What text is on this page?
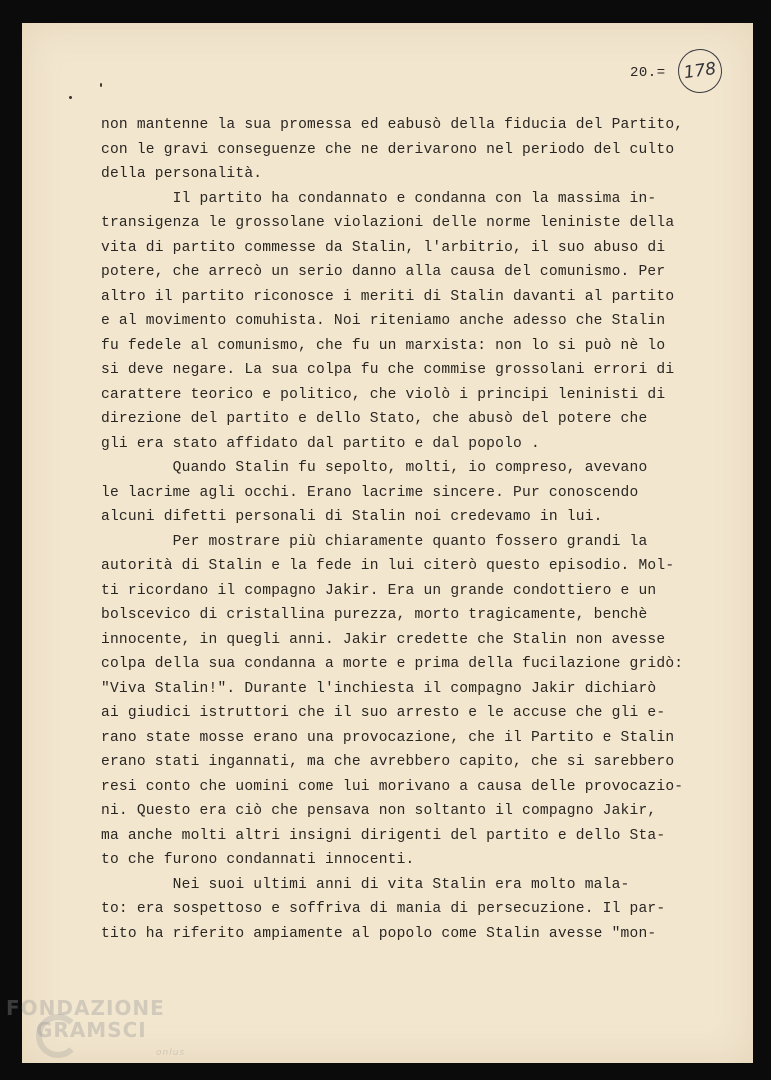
20.= 178
non mantenne la sua promessa ed eabusò della fiducia del Partito,
con le gravi conseguenze che ne derivarono nel periodo del culto
della personalità.
Il partito ha condannato e condanna con la massima in-
transigenza le grossolane violazioni delle norme leniniste della
vita di partito commesse da Stalin, l'arbitrio, il suo abuso di
potere, che arrecò un serio danno alla causa del comunismo. Per
altro il partito riconosce i meriti di Stalin davanti al partito
e al movimento comuhista. Noi riteniamo anche adesso che Stalin
fu fedele al comunismo, che fu un marxista: non lo si può nè lo
si deve negare. La sua colpa fu che commise grossolani errori di
carattere teorico e politico, che violò i principi leninisti di
direzione del partito e dello Stato, che abusò del potere che
gli era stato affidato dal partito e dal popolo .
Quando Stalin fu sepolto, molti, io compreso, avevano
le lacrime agli occhi. Erano lacrime sincere. Pur conoscendo
alcuni difetti personali di Stalin noi credevamo in lui.
Per mostrare più chiaramente quanto fossero grandi la
autorità di Stalin e la fede in lui citerò questo episodio. Mol-
ti ricordano il compagno Jakir. Era un grande condottiero e un
bolscevico di cristallina purezza, morto tragicamente, benchè
innocente, in quegli anni. Jakir credette che Stalin non avesse
colpa della sua condanna a morte e prima della fucilazione gridò:
"Viva Stalin!". Durante l'inchiesta il compagno Jakir dichiarò
ai giudici istruttori che il suo arresto e le accuse che gli e-
rano state mosse erano una provocazione, che il Partito e Stalin
erano stati ingannati, ma che avrebbero capito, che si sarebbero
resi conto che uomini come lui morivano a causa delle provocazio-
ni. Questo era ciò che pensava non soltanto il compagno Jakir,
ma anche molti altri insigni dirigenti del partito e dello Sta-
to che furono condannati innocenti.
Nei suoi ultimi anni di vita Stalin era molto mala-
to: era sospettoso e soffriva di mania di persecuzione. Il par-
tito ha riferito ampiamente al popolo come Stalin avesse "mon-
FONDAZIONE
GRAMSCI
onlus
